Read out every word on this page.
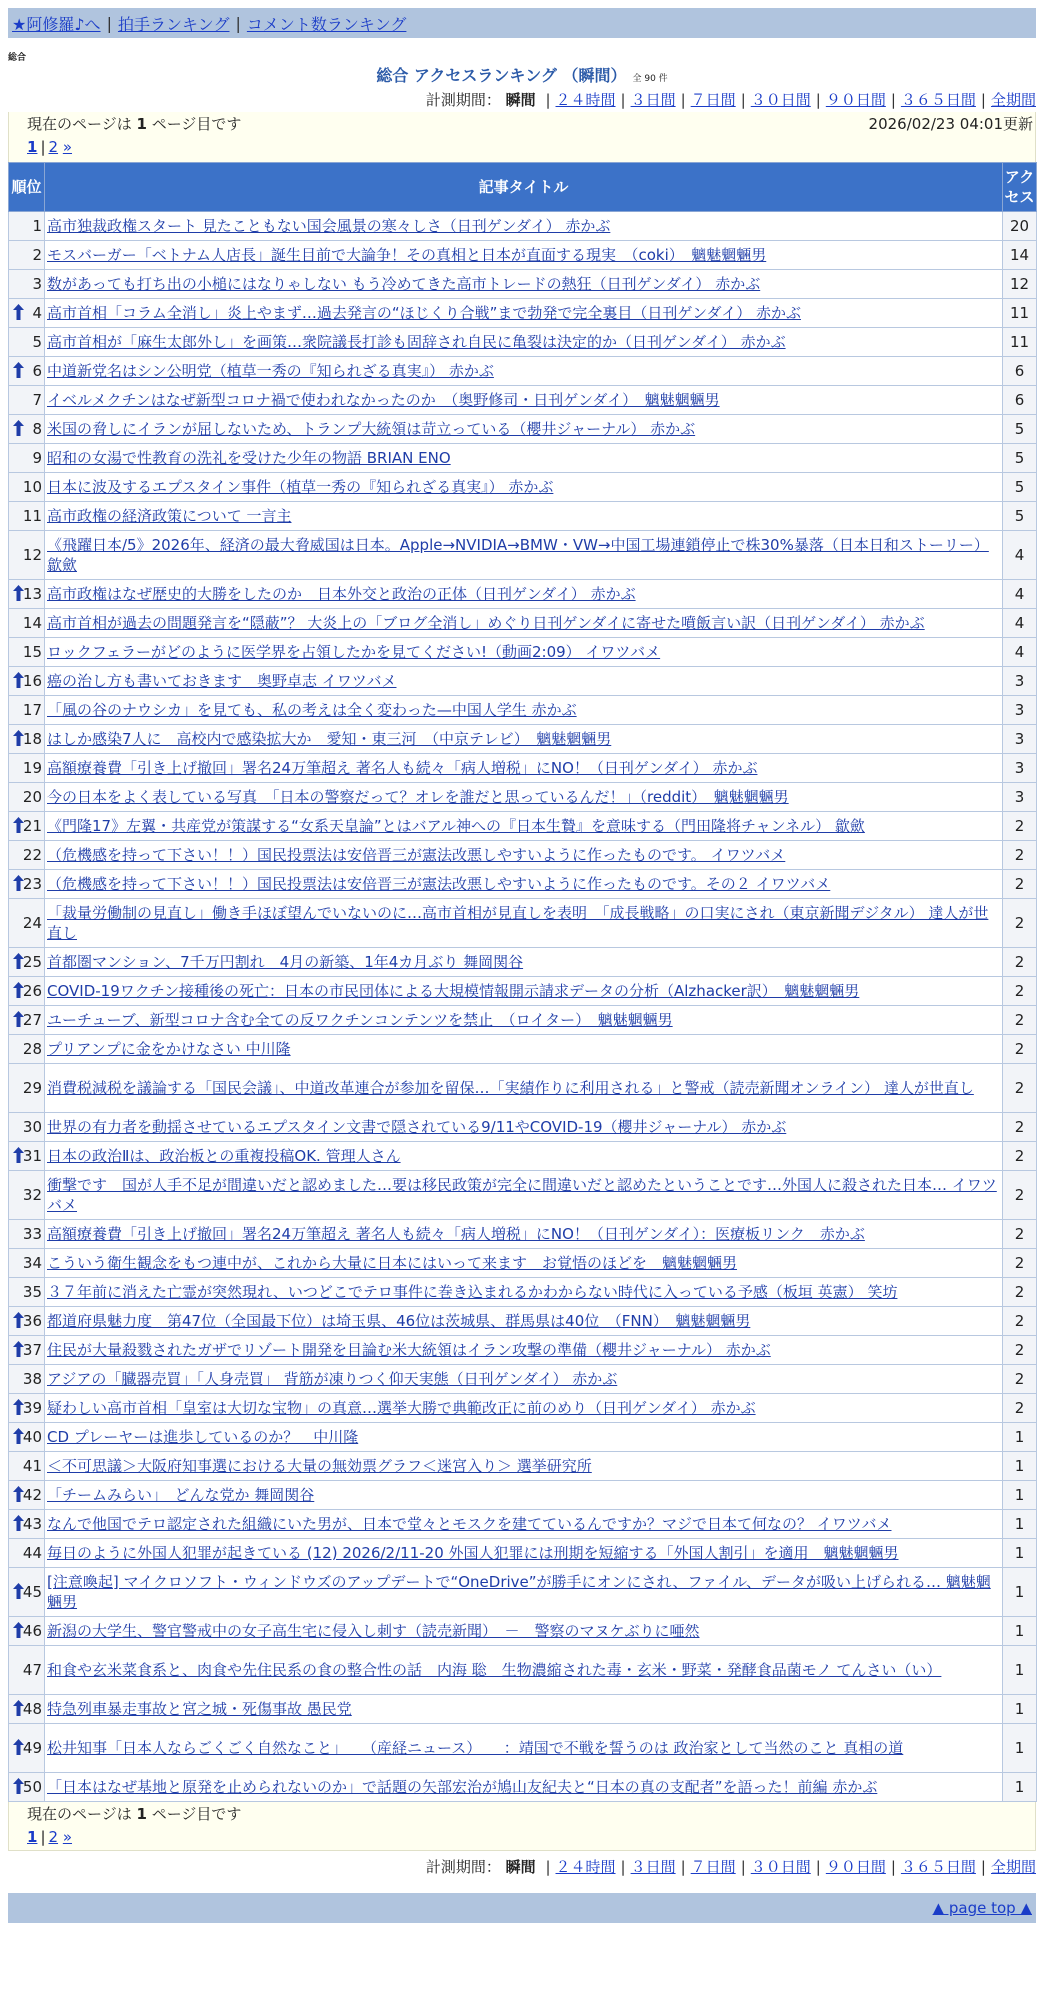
★阿修羅♪へ | 拍手ランキング | コメント数ランキング
総合
総合 アクセスランキング （瞬間） 全 90 件
計測期間： 瞬間 | ２４時間 | ３日間 | ７日間 | ３０日間 | ９０日間 | ３６５日間 | 全期間
現在のページは 1 ページ目です	2026/02/23 04:01更新
1 | 2 »
順位	記事タイトル	アクセス
1	高市独裁政権スタート 見たこともない国会風景の寒々しさ（日刊ゲンダイ） 赤かぶ	20
2	モスバーガー「ベトナム人店長」誕生目前で大論争！その真相と日本が直面する現実　（coki）　魑魅魍魎男	14
3	数があっても打ち出の小槌にはなりゃしない もう冷めてきた高市トレードの熱狂（日刊ゲンダイ） 赤かぶ	12

4	高市首相「コラム全消し」炎上やまず…過去発言の“ほじくり合戦”まで勃発で完全裏目（日刊ゲンダイ） 赤かぶ	11
5	高市首相が「麻生太郎外し」を画策…衆院議長打診も固辞され自民に亀裂は決定的か（日刊ゲンダイ） 赤かぶ	11

6	中道新党名はシン公明党（植草一秀の『知られざる真実』） 赤かぶ	6
7	イベルメクチンはなぜ新型コロナ禍で使われなかったのか　（奥野修司・日刊ゲンダイ）　魑魅魍魎男	6

8	米国の脅しにイランが屈しないため、トランプ大統領は苛立っている（櫻井ジャーナル） 赤かぶ	5
9	昭和の女湯で性教育の洗礼を受けた少年の物語 BRIAN ENO	5
10	日本に波及するエプスタイン事件（植草一秀の『知られざる真実』） 赤かぶ	5
11	高市政権の経済政策について 一言主	5
12	《飛躍日本/5》2026年、経済の最大脅威国は日本。Apple→NVIDIA→BMW・VW→中国工場連鎖停止で株30%暴落（日本日和ストーリー） 歙歛	4

13	高市政権はなぜ歴史的大勝をしたのか　日本外交と政治の正体（日刊ゲンダイ） 赤かぶ	4
14	高市首相が過去の問題発言を“隠蔽”？ 大炎上の「ブログ全消し」めぐり日刊ゲンダイに寄せた噴飯言い訳（日刊ゲンダイ） 赤かぶ	4
15	ロックフェラーがどのように医学界を占領したかを見てください!（動画2:09） イワツバメ	4

16	癌の治し方も書いておきます　奥野卓志 イワツバメ	3
17	「風の谷のナウシカ」を見ても、私の考えは全く変わった—中国人学生 赤かぶ	3

18	はしか感染7人に　高校内で感染拡大か　愛知・東三河　（中京テレビ）　魑魅魍魎男	3
19	高額療養費「引き上げ撤回」署名24万筆超え 著名人も続々「病人増税」にNO！（日刊ゲンダイ） 赤かぶ	3
20	今の日本をよく表している写真　「日本の警察だって？オレを誰だと思っているんだ！」（reddit）　魑魅魍魎男	3

21	《門隆17》左翼・共産党が策謀する“女系天皇論”とはバアル神への『日本生贄』を意味する（門田隆将チャンネル） 歙歛	2
22	（危機感を持って下さい！！）国民投票法は安倍晋三が憲法改悪しやすいように作ったものです。 イワツバメ	2

23	（危機感を持って下さい！！）国民投票法は安倍晋三が憲法改悪しやすいように作ったものです。その２ イワツバメ	2
24	「裁量労働制の見直し」働き手ほぼ望んでいないのに…高市首相が見直しを表明　「成長戦略」の口実にされ（東京新聞デジタル） 達人が世直し	2

25	首都圏マンション、7千万円割れ　4月の新築、1年4カ月ぶり 舞岡関谷	2

26	COVID-19ワクチン接種後の死亡：日本の市民団体による大規模情報開示請求データの分析（Alzhacker訳）　魑魅魍魎男	2

27	ユーチューブ、新型コロナ含む全ての反ワクチンコンテンツを禁止　（ロイター）　魑魅魍魎男	2
28	プリアンプに金をかけなさい 中川隆	2
29	消費税減税を議論する「国民会議」、中道改革連合が参加を留保…「実績作りに利用される」と警戒（読売新聞オンライン） 達人が世直し	2
30	世界の有力者を動揺させているエプスタイン文書で隠されている9/11やCOVID-19（櫻井ジャーナル） 赤かぶ	2

31	日本の政治Ⅱは、政治板との重複投稿OK. 管理人さん	2
32	衝撃です　国が人手不足が間違いだと認めました…要は移民政策が完全に間違いだと認めたということです…外国人に殺された日本… イワツバメ	2
33	高額療養費「引き上げ撤回」署名24万筆超え 著名人も続々「病人増税」にNO！（日刊ゲンダイ）：医療板リンク　赤かぶ	2
34	こういう衛生観念をもつ連中が、これから大量に日本にはいって来ます　お覚悟のほどを　魑魅魍魎男	2
35	３７年前に消えた亡霊が突然現れ、いつどこでテロ事件に巻き込まれるかわからない時代に入っている予感（板垣 英憲） 笑坊	2

36	都道府県魅力度　第47位（全国最下位）は埼玉県、46位は茨城県、群馬県は40位　（FNN）　魑魅魍魎男	2

37	住民が大量殺戮されたガザでリゾート開発を目論む米大統領はイラン攻撃の準備（櫻井ジャーナル） 赤かぶ	2
38	アジアの「臓器売買」「人身売買」 背筋が凍りつく仰天実態（日刊ゲンダイ） 赤かぶ	2

39	疑わしい高市首相「皇室は大切な宝物」の真意…選挙大勝で典範改正に前のめり（日刊ゲンダイ） 赤かぶ	2

40	CD プレーヤーは進歩しているのか？　中川隆	1
41	＜不可思議＞大阪府知事選における大量の無効票グラフ＜迷宮入り＞ 選挙研究所	1

42	「チームみらい」　どんな党か 舞岡関谷	1

43	なんで他国でテロ認定された組織にいた男が、日本で堂々とモスクを建てているんですか？マジで日本て何なの？ イワツバメ	1
44	毎日のように外国人犯罪が起きている (12) 2026/2/11-20 外国人犯罪には刑期を短縮する「外国人割引」を適用　魑魅魍魎男	1

45	[注意喚起] マイクロソフト・ウィンドウズのアップデートで“OneDrive”が勝手にオンにされ、ファイル、データが吸い上げられる… 魑魅魍魎男	1

46	新潟の大学生、警官警戒中の女子高生宅に侵入し刺す（読売新聞）　－　警察のマヌケぶりに唖然	1
47	和食や玄米菜食系と、肉食や先住民系の食の整合性の話　内海 聡　生物濃縮された毒・玄米・野菜・発酵食品菌モノ てんさい（い）	1

48	特急列車暴走事故と宮之城・死傷事故 愚民党	1

49	松井知事「日本人ならごくごく自然なこと」　　（産経ニュース）　　：靖国で不戦を誓うのは 政治家として当然のこと 真相の道	1

50	「日本はなぜ基地と原発を止められないのか」で話題の矢部宏治が鳩山友紀夫と“日本の真の支配者”を語った！前編 赤かぶ	1
現在のページは 1 ページ目です
1 | 2 »
計測期間： 瞬間 | ２４時間 | ３日間 | ７日間 | ３０日間 | ９０日間 | ３６５日間 | 全期間
▲ page top ▲
